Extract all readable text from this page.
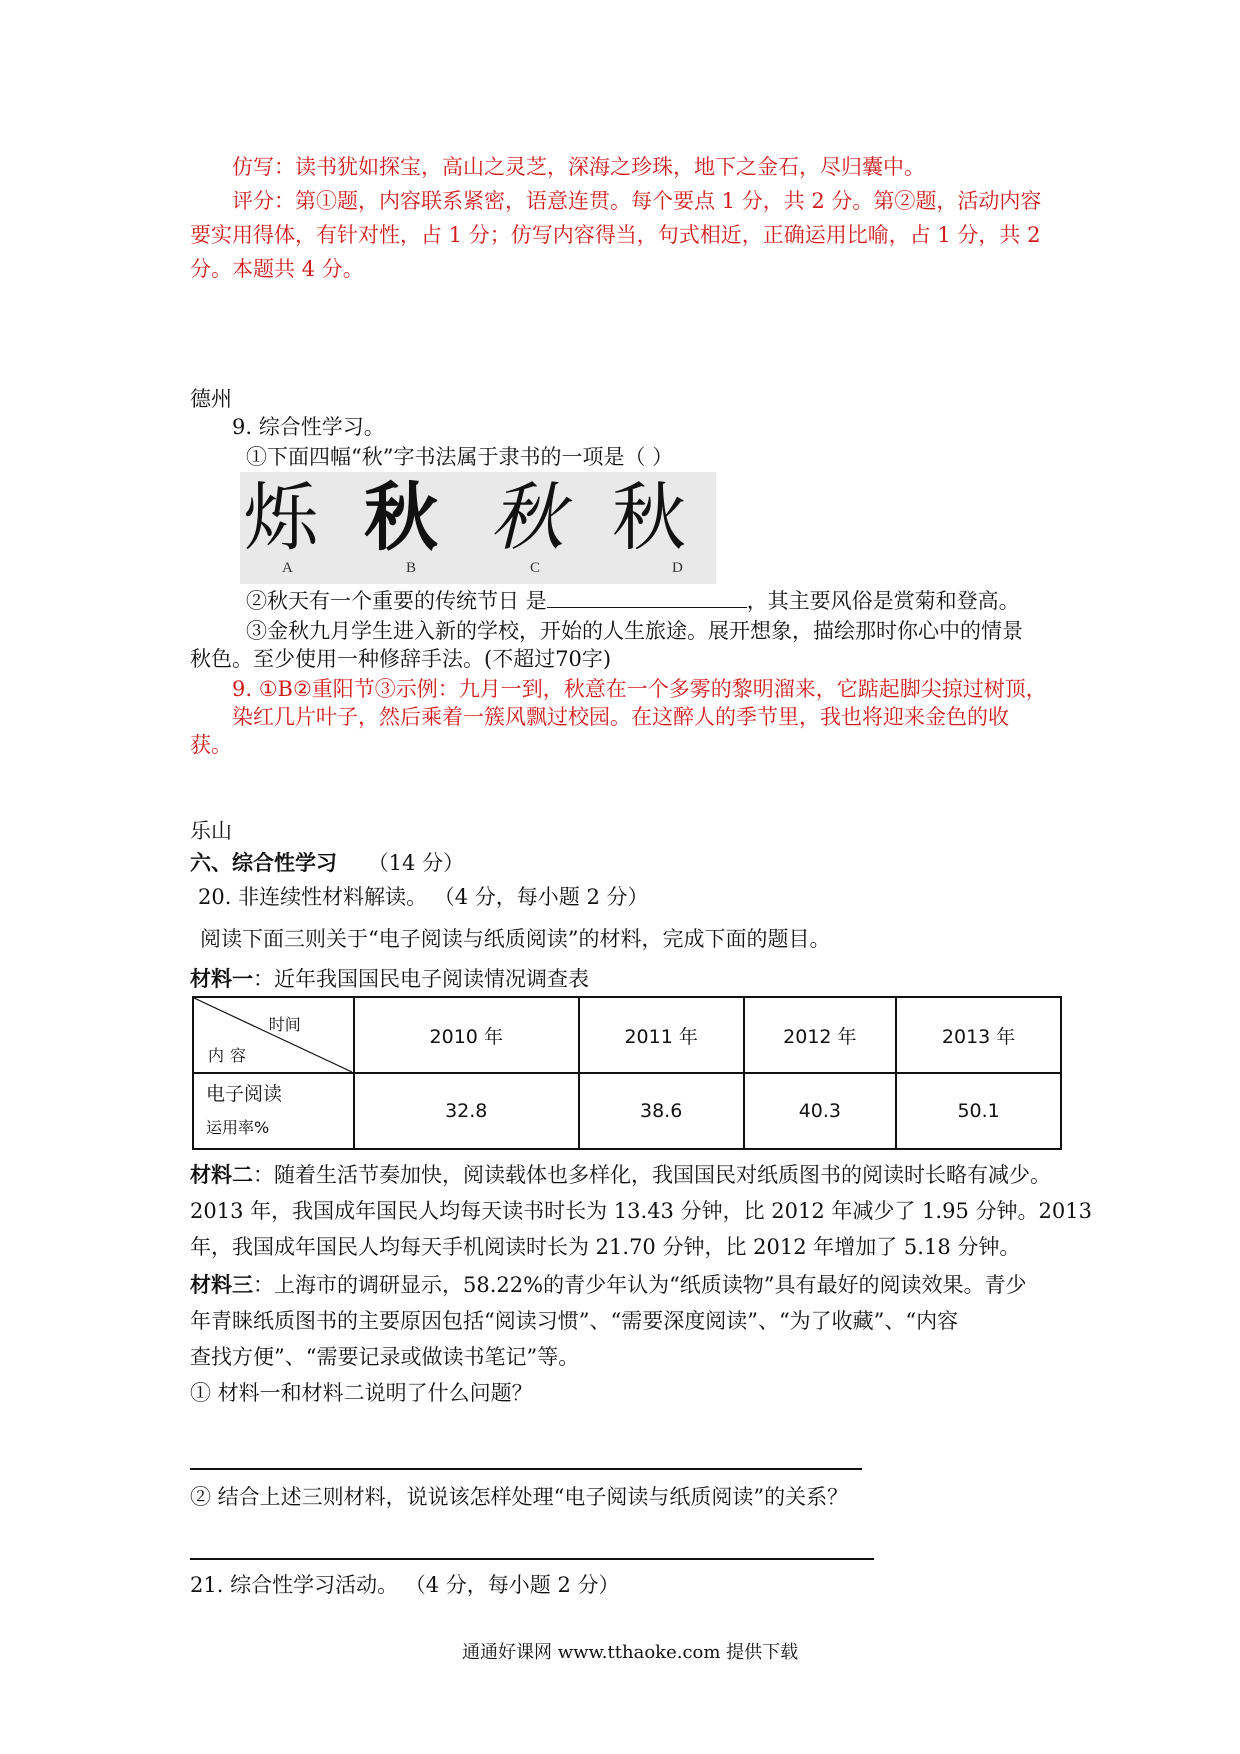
仿写：读书犹如探宝，高山之灵芝，深海之珍珠，地下之金石，尽归囊中。
评分：第①题，内容联系紧密，语意连贯。每个要点 1 分，共 2 分。第②题，活动内容
要实用得体，有针对性，占 1 分；仿写内容得当，句式相近，正确运用比喻，占 1 分，共 2
分。本题共 4 分。
德州
9. 综合性学习。
①下面四幅“秋”字书法属于隶书的一项是（ ）
烁 秋 秋 秋
A	B	C	D
②秋天有一个重要的传统节日 是	，其主要风俗是赏菊和登高。
③金秋九月学生进入新的学校，开始的人生旅途。展开想象，描绘那时你心中的情景
秋色。至少使用一种修辞手法。(不超过70字)
9. ①B②重阳节③示例：九月一到，秋意在一个多雾的黎明溜来，它踮起脚尖掠过树顶，
染红几片叶子，然后乘着一簇风飘过校园。在这醉人的季节里，我也将迎来金色的收
获。
乐山
六、综合性学习 （14 分）
20. 非连续性材料解读。 （4 分，每小题 2 分）
阅读下面三则关于“电子阅读与纸质阅读”的材料，完成下面的题目。
材料一：近年我国国民电子阅读情况调查表
时间
内容	2010 年	2011 年	2012 年	2013 年

电子阅读
运用率%	32.8	38.6	40.3	50.1
材料二：随着生活节奏加快，阅读载体也多样化，我国国民对纸质图书的阅读时长略有减少。
2013 年，我国成年国民人均每天读书时长为 13.43 分钟，比 2012 年减少了 1.95 分钟。2013
年，我国成年国民人均每天手机阅读时长为 21.70 分钟，比 2012 年增加了 5.18 分钟。
材料三：上海市的调研显示，58.22%的青少年认为“纸质读物”具有最好的阅读效果。青少
年青睐纸质图书的主要原因包括“阅读习惯”、“需要深度阅读”、“为了收藏”、“内容
查找方便”、“需要记录或做读书笔记”等。
① 材料一和材料二说明了什么问题？
② 结合上述三则材料，说说该怎样处理“电子阅读与纸质阅读”的关系？
21. 综合性学习活动。 （4 分，每小题 2 分）
通通好课网 www.tthaoke.com 提供下载
